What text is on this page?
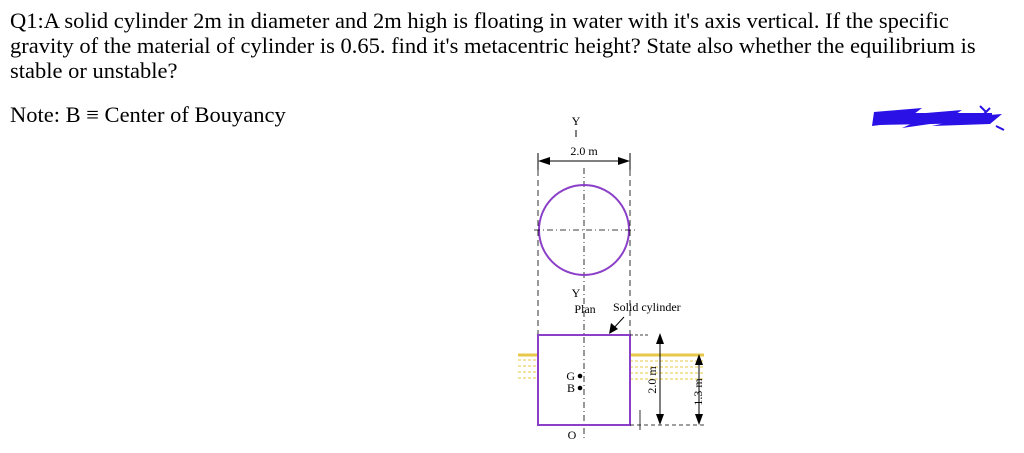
Q1:A solid cylinder 2m in diameter and 2m high is floating in water with it's axis vertical. If the specific gravity of the material of cylinder is 0.65. find it's metacentric height? State also whether the equilibrium is stable or unstable?

Note: B ≡ Center of Bouyancy	Y
2.0 m
Y
Plan Solid cylinder
G
B
O
2.0 m	1.3 m
